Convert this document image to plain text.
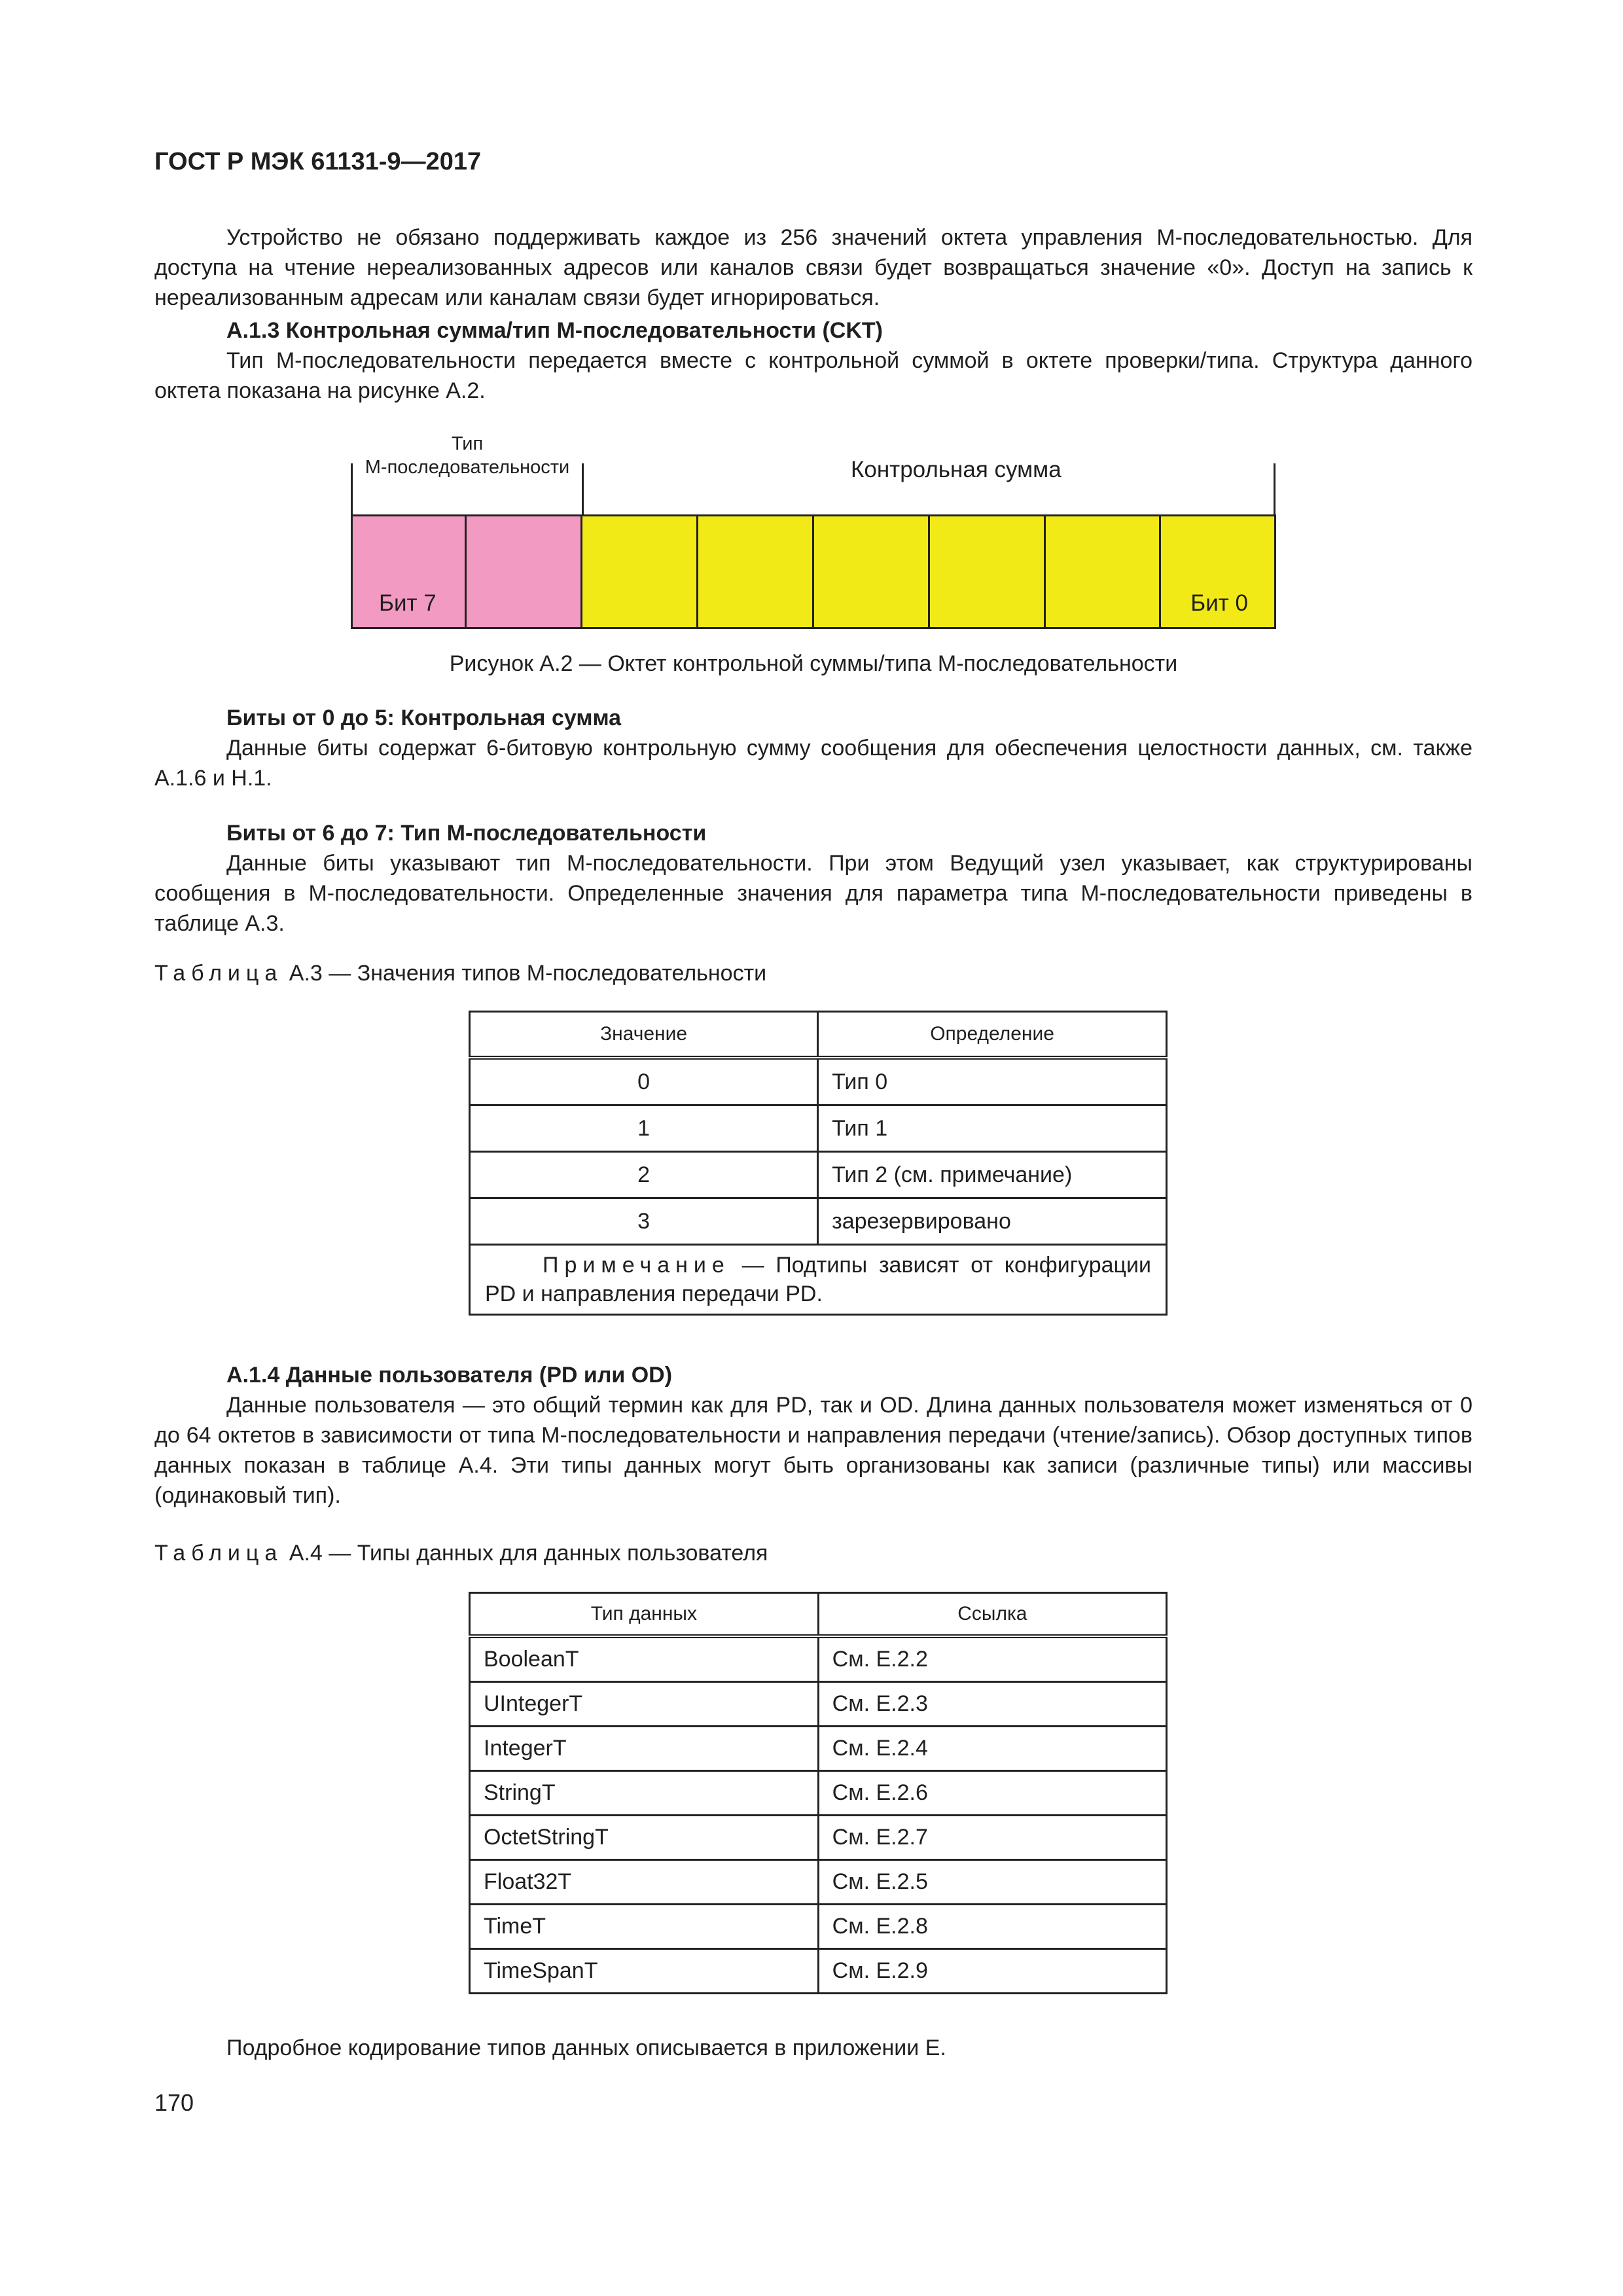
ГОСТ Р МЭК 61131-9—2017

Устройство не обязано поддерживать каждое из 256 значений октета управления M-последовательностью. Для доступа на чтение нереализованных адресов или каналов связи будет возвращаться значение «0». Доступ на запись к нереализованным адресам или каналам связи будет игнорироваться.

А.1.3 Контрольная сумма/тип M-последовательности (CKT)

Тип M-последовательности передается вместе с контрольной суммой в октете проверки/типа. Структура данного октета показана на рисунке А.2.

Тип
M-последовательности	Контрольная сумма
Бит 7	Бит 0
Рисунок А.2 — Октет контрольной суммы/типа M-последовательности

Биты от 0 до 5: Контрольная сумма

Данные биты содержат 6-битовую контрольную сумму сообщения для обеспечения целостности данных, см. также А.1.6 и Н.1.

Биты от 6 до 7: Тип M-последовательности

Данные биты указывают тип M-последовательности. При этом Ведущий узел указывает, как структурированы сообщения в M-последовательности. Определенные значения для параметра типа M-последовательности приведены в таблице А.3.

Таблица А.3 — Значения типов M-последовательности
Значение	Определение
0	Тип 0
1	Тип 1
2	Тип 2 (см. примечание)
3	зарезервировано
Примечание — Подтипы зависят от конфигурации PD и направления передачи PD.	

А.1.4 Данные пользователя (PD или OD)

Данные пользователя — это общий термин как для PD, так и OD. Длина данных пользователя может изменяться от 0 до 64 октетов в зависимости от типа M-последовательности и направления передачи (чтение/запись). Обзор доступных типов данных показан в таблице А.4. Эти типы данных могут быть организованы как записи (различные типы) или массивы (одинаковый тип).

Таблица А.4 — Типы данных для данных пользователя
Тип данных	Ссылка
BooleanT	См. Е.2.2
UIntegerT	См. Е.2.3
IntegerT	См. Е.2.4
StringT	См. Е.2.6
OctetStringT	См. Е.2.7
Float32T	См. Е.2.5
TimeT	См. Е.2.8
TimeSpanT	См. Е.2.9

Подробное кодирование типов данных описывается в приложении Е.

170
